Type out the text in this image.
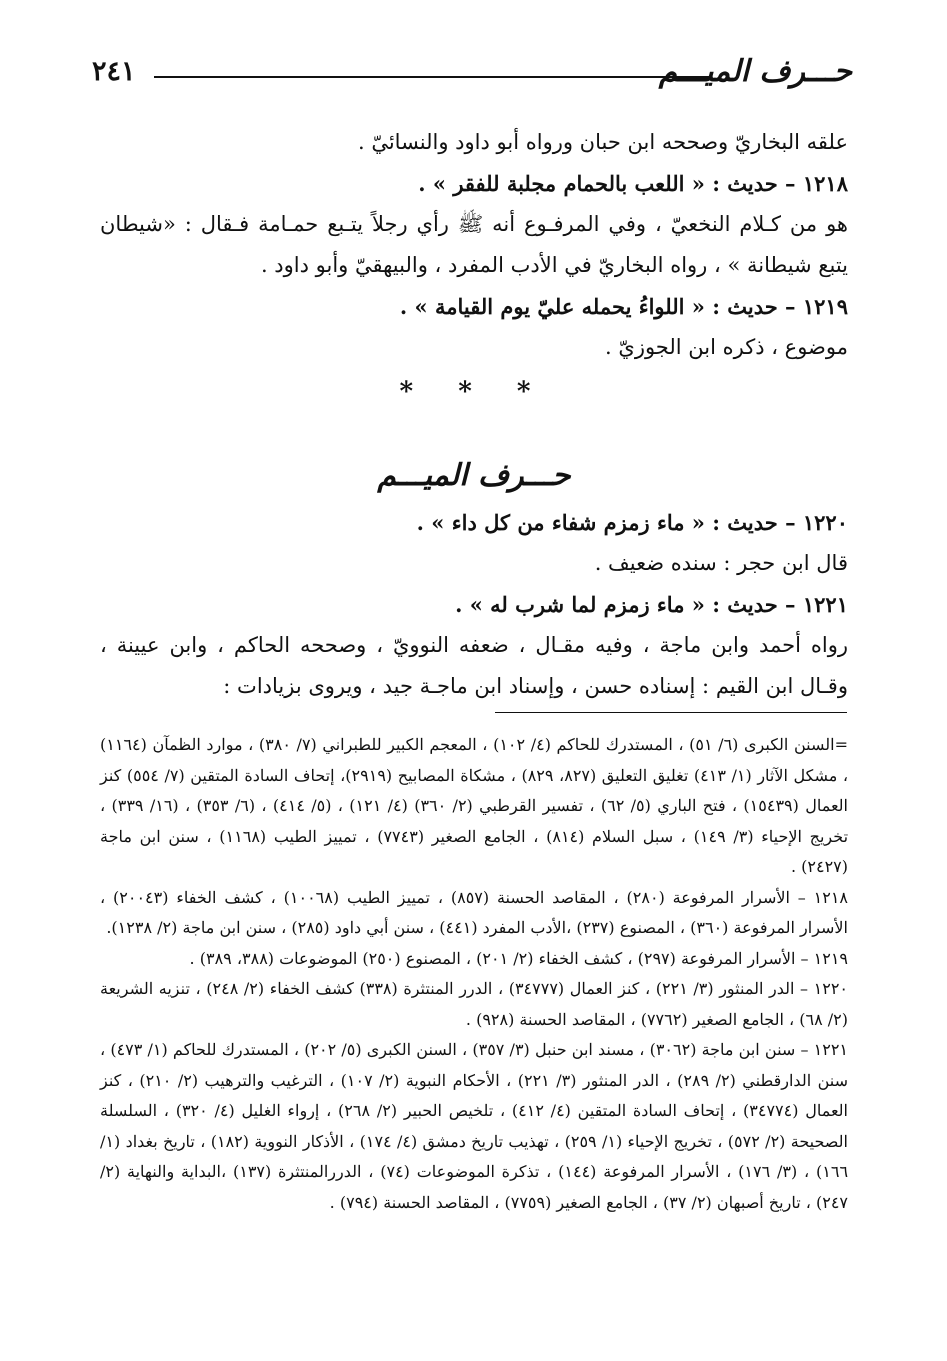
حـــرف الميـــم
٢٤١

علقه البخاريّ وصححه ابن حبان ورواه أبو داود والنسائيّ .

١٢١٨ – حديث : « اللعب بالحمام مجلبة للفقر » .

هو من كـلام النخعيّ ، وفي المرفـوع أنه ﷺ رأي رجلاً يتـبع حمـامة فـقال : «شيطان يتبع شيطانة » ، رواه البخاريّ في الأدب المفرد ، والبيهقيّ وأبو داود .

١٢١٩ – حديث : « اللواءُ يحمله عليّ يوم القيامة » .

موضوع ، ذكره ابن الجوزيّ .

* * *
حـــرف الميـــم

١٢٢٠ – حديث : « ماء زمزم شفاء من كل داء » .

قال ابن حجر : سنده ضعيف .

١٢٢١ – حديث : « ماء زمزم لما شرب له » .

رواه أحمد وابن ماجة ، وفيه مقـال ، ضعفه النوويّ ، وصححه الحاكم ، وابن عيينة ، وقـال ابن القيم : إسناده حسن ، وإسناد ابن ماجـة جيد ، ويروى بزيادات :

=السنن الكبرى (٦/ ٥١) ، المستدرك للحاكم (٤/ ١٠٢) ، المعجم الكبير للطبراني (٧/ ٣٨٠) ، موارد الظمآن (١١٦٤) ، مشكل الآثار (١/ ٤١٣) تغليق التعليق (٨٢٧، ٨٢٩) ، مشكاة المصابيح (٢٩١٩)، إتحاف السادة المتقين (٧/ ٥٥٤) كنز العمال (١٥٤٣٩) ، فتح الباري (٥/ ٦٢) ، تفسير القرطبي (٢/ ٣٦٠) (٤/ ١٢١) ، (٥/ ٤١٤) ، (٦/ ٣٥٣) ، (١٦/ ٣٣٩) ، تخريج الإحياء (٣/ ١٤٩) ، سبل السلام (٨١٤) ، الجامع الصغير (٧٧٤٣) ، تمييز الطيب (١١٦٨) ، سنن ابن ماجة (٢٤٢٧) .

١٢١٨ – الأسرار المرفوعة (٢٨٠) ، المقاصد الحسنة (٨٥٧) ، تمييز الطيب (١٠٠٦٨) ، كشف الخفاء (٢٠٠٤٣) ، الأسرار المرفوعة (٣٦٠) ، المصنوع (٢٣٧) ،الأدب المفرد (٤٤١) ، سنن أبي داود (٢٨٥) ، سنن ابن ماجة (٢/ ١٢٣٨).

١٢١٩ – الأسرار المرفوعة (٢٩٧) ، كشف الخفاء (٢/ ٢٠١) ، المصنوع (٢٥٠) الموضوعات (٣٨٨، ٣٨٩) .

١٢٢٠ – الدر المنثور (٣/ ٢٢١) ، كنز العمال (٣٤٧٧٧) ، الدرر المنتثرة (٣٣٨) كشف الخفاء (٢/ ٢٤٨) ، تنزيه الشريعة (٢/ ٦٨) ، الجامع الصغير (٧٧٦٢) ، المقاصد الحسنة (٩٢٨) .

١٢٢١ – سنن ابن ماجة (٣٠٦٢) ، مسند ابن حنبل (٣/ ٣٥٧) ، السنن الكبرى (٥/ ٢٠٢) ، المستدرك للحاكم (١/ ٤٧٣) ، سنن الدارقطني (٢/ ٢٨٩) ، الدر المنثور (٣/ ٢٢١) ، الأحكام النبوية (٢/ ١٠٧) ، الترغيب والترهيب (٢/ ٢١٠) ، كنز العمال (٣٤٧٧٤) ، إتحاف السادة المتقين (٤/ ٤١٢) ، تلخيص الحبير (٢/ ٢٦٨) ، إرواء الغليل (٤/ ٣٢٠) ، السلسلة الصحيحة (٢/ ٥٧٢) ، تخريج الإحياء (١/ ٢٥٩) ، تهذيب تاريخ دمشق (٤/ ١٧٤) ، الأذكار النووية (١٨٢) ، تاريخ بغداد (١/ ١٦٦) ، (٣/ ١٧٦) ، الأسرار المرفوعة (١٤٤) ، تذكرة الموضوعات (٧٤) ، الدررالمنتثرة (١٣٧) ،البداية والنهاية (٢/ ٢٤٧) ، تاريخ أصبهان (٢/ ٣٧) ، الجامع الصغير (٧٧٥٩) ، المقاصد الحسنة (٧٩٤) .
